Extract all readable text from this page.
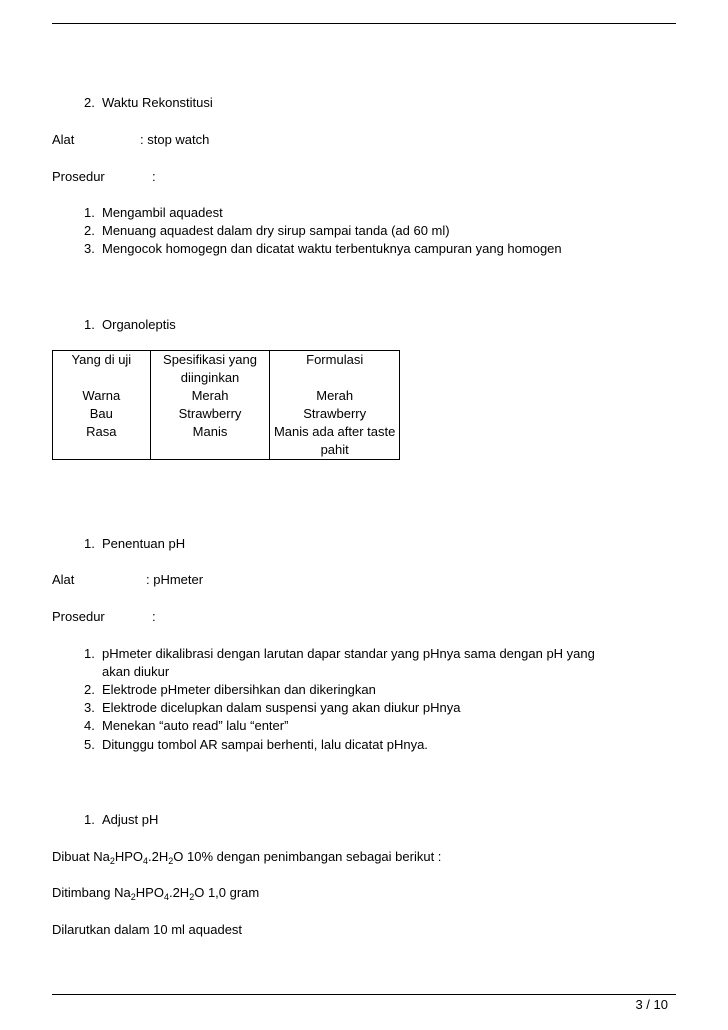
2. Waktu Rekonstitusi
Alat	: stop watch
Prosedur	:
1. Mengambil aquadest
2. Menuang aquadest dalam dry sirup sampai tanda (ad 60 ml)
3. Mengocok homogegn dan dicatat waktu terbentuknya campuran yang homogen
1. Organoleptis
Yang di uji	Spesifikasi yang diinginkan	Formulasi
Warna	Merah	Merah
Bau	Strawberry	Strawberry
Rasa	Manis	Manis ada after taste pahit
1. Penentuan pH
Alat	: pHmeter
Prosedur	:
1. pHmeter dikalibrasi dengan larutan dapar standar yang pHnya sama dengan pH yang
akan diukur
2. Elektrode pHmeter dibersihkan dan dikeringkan
3. Elektrode dicelupkan dalam suspensi yang akan diukur pHnya
4. Menekan “auto read” lalu “enter”
5. Ditunggu tombol AR sampai berhenti, lalu dicatat pHnya.
1. Adjust pH
Dibuat $Na_2HPO_4.2H_2O$ 10% dengan penimbangan sebagai berikut :
Ditimbang $Na_2HPO_4.2H_2O$ 1,0 gram
Dilarutkan dalam 10 ml aquadest
3 / 10
